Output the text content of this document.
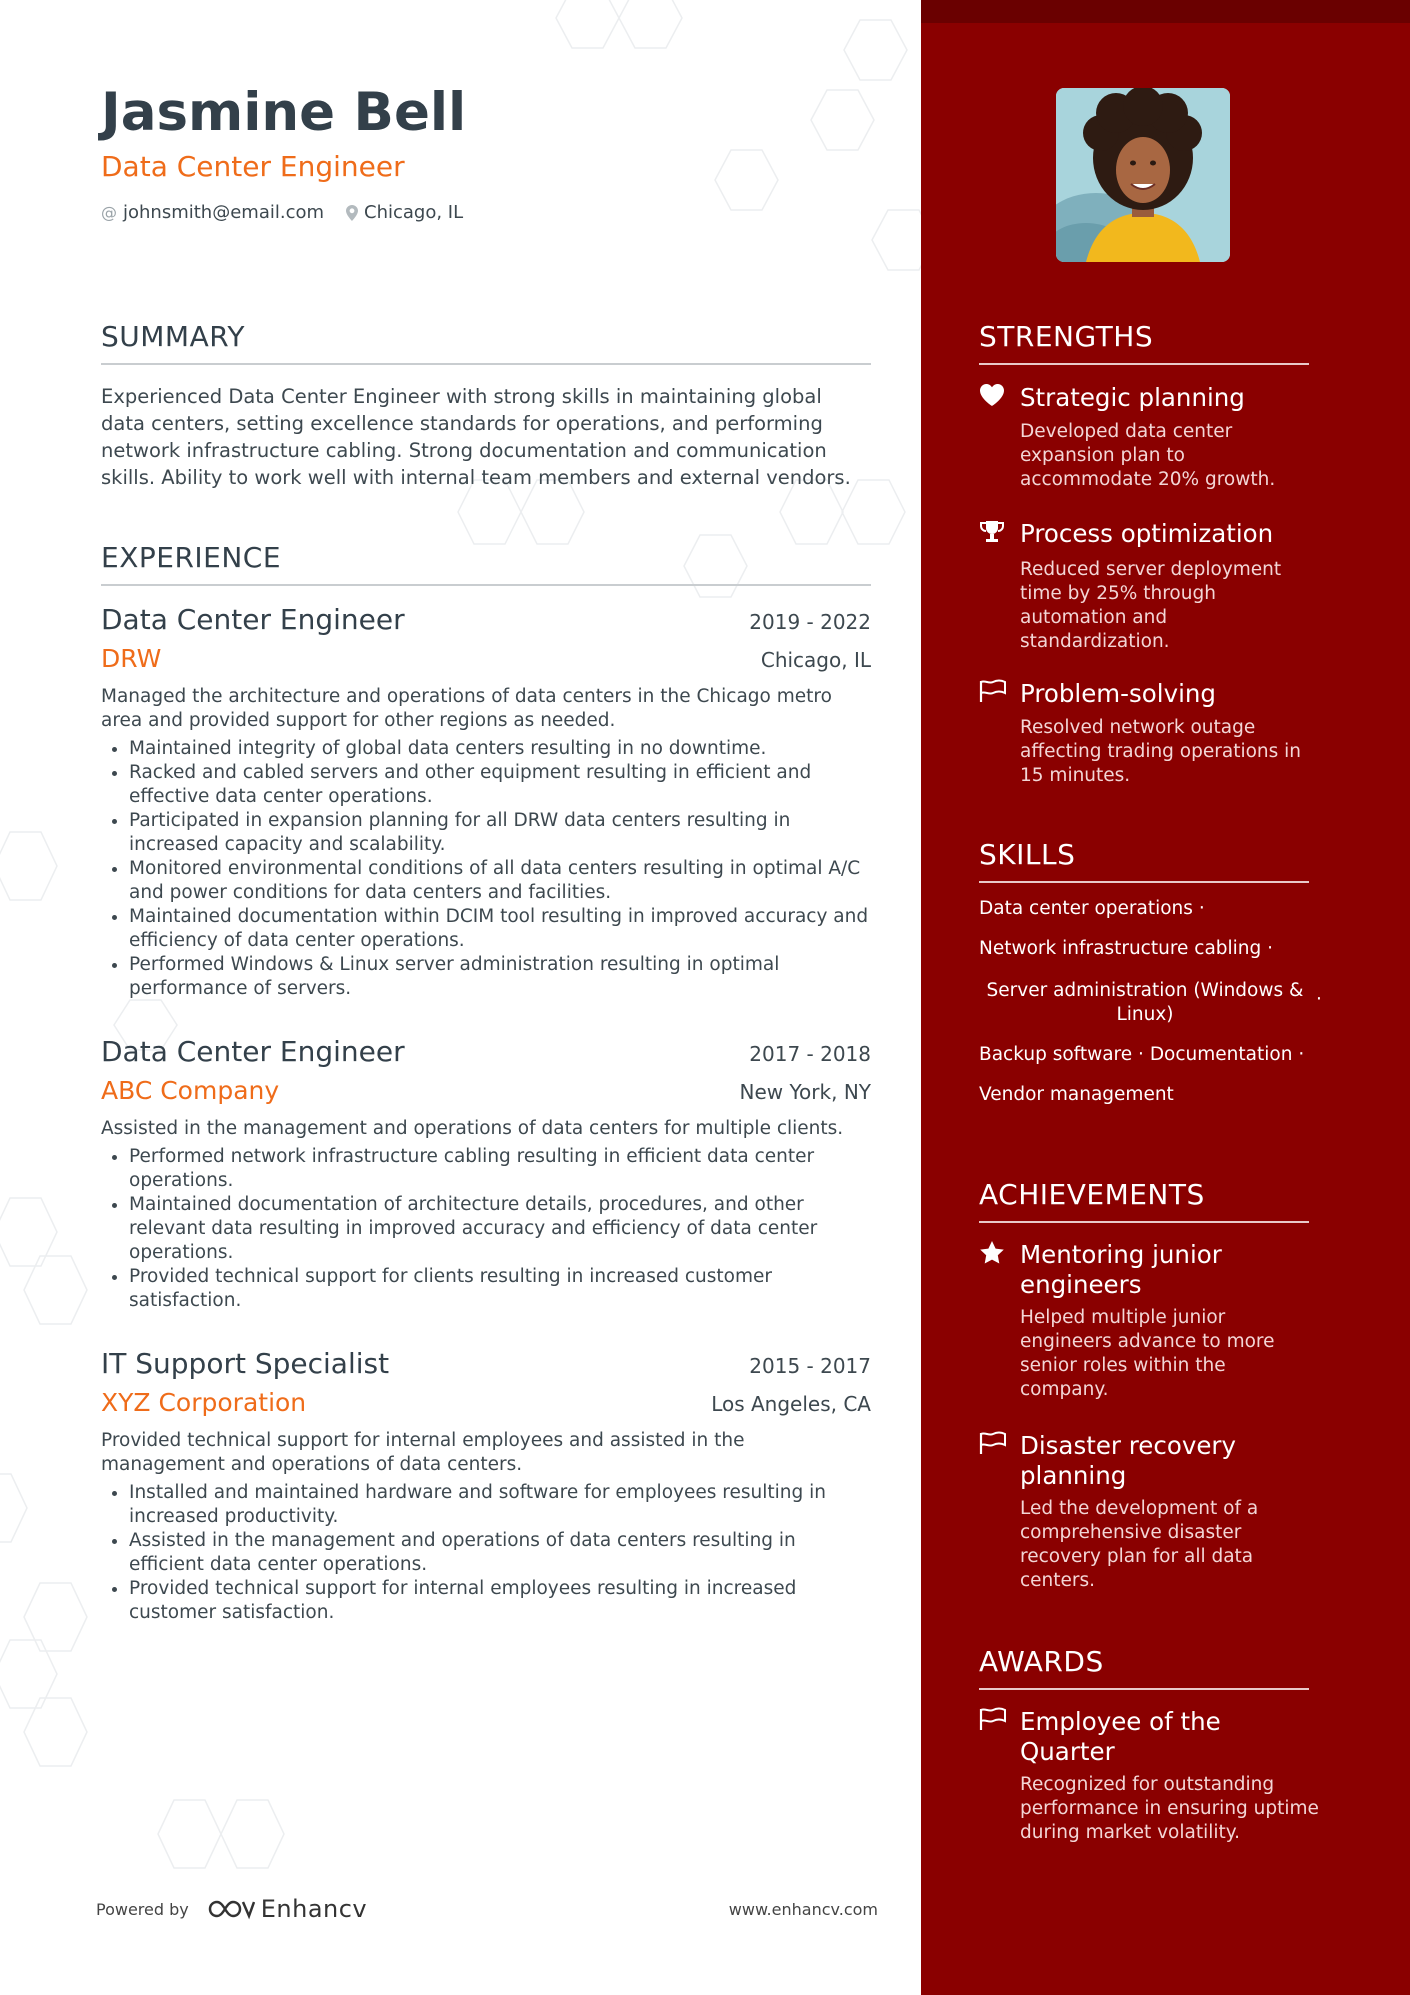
Jasmine Bell
Data Center Engineer
@ johnsmith@email.com Chicago, IL
SUMMARY

Experienced Data Center Engineer with strong skills in maintaining global data centers, setting excellence standards for operations, and performing network infrastructure cabling. Strong documentation and communication skills. Ability to work well with internal team members and external vendors.

EXPERIENCE
Data Center Engineer	2019 - 2022
DRW	Chicago, IL

Managed the architecture and operations of data centers in the Chicago metro area and provided support for other regions as needed.

• Maintained integrity of global data centers resulting in no downtime.
• Racked and cabled servers and other equipment resulting in efficient and effective data center operations.
• Participated in expansion planning for all DRW data centers resulting in increased capacity and scalability.
• Monitored environmental conditions of all data centers resulting in optimal A/C and power conditions for data centers and facilities.
• Maintained documentation within DCIM tool resulting in improved accuracy and efficiency of data center operations.
• Performed Windows & Linux server administration resulting in optimal performance of servers.
Data Center Engineer	2017 - 2018
ABC Company	New York, NY

Assisted in the management and operations of data centers for multiple clients.

• Performed network infrastructure cabling resulting in efficient data center operations.
• Maintained documentation of architecture details, procedures, and other relevant data resulting in improved accuracy and efficiency of data center operations.
• Provided technical support for clients resulting in increased customer satisfaction.
IT Support Specialist	2015 - 2017
XYZ Corporation	Los Angeles, CA

Provided technical support for internal employees and assisted in the management and operations of data centers.

• Installed and maintained hardware and software for employees resulting in increased productivity.
• Assisted in the management and operations of data centers resulting in efficient data center operations.
• Provided technical support for internal employees resulting in increased customer satisfaction.
Powered by	Enhancv	www.enhancv.com
STRENGTHS
Strategic planning
Developed data center expansion plan to accommodate 20% growth.
Process optimization
Reduced server deployment time by 25% through automation and standardization.
Problem-solving
Resolved network outage affecting trading operations in 15 minutes.
SKILLS
Data center operations ·
Network infrastructure cabling ·
Server administration (Windows & Linux)
·
Backup software · Documentation ·
Vendor management
ACHIEVEMENTS
Mentoring junior engineers
Helped multiple junior engineers advance to more senior roles within the company.
Disaster recovery planning
Led the development of a comprehensive disaster recovery plan for all data centers.
AWARDS
Employee of the Quarter
Recognized for outstanding performance in ensuring uptime during market volatility.
